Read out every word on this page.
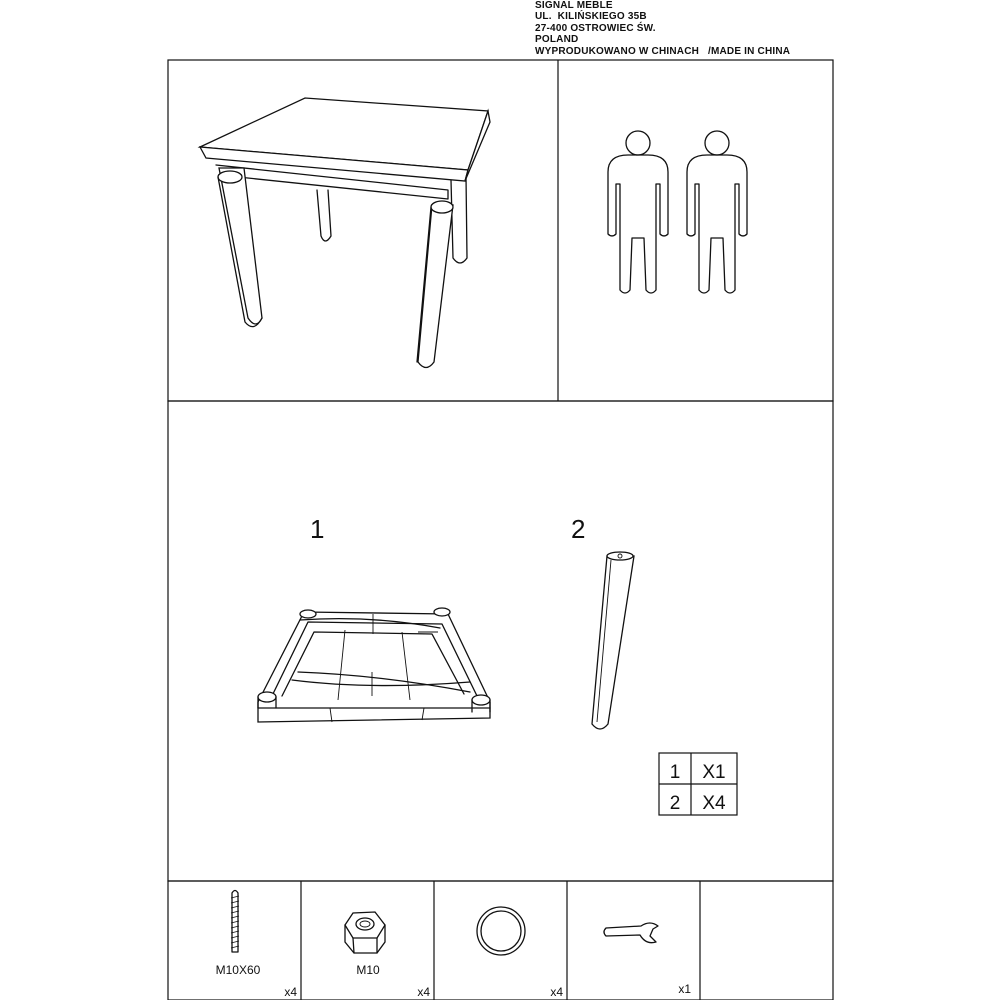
SIGNAL MEBLE
UL.  KILIŃSKIEGO 35B
27-400 OSTROWIEC ŚW.
POLAND
WYPRODUKOWANO W CHINACH   /MADE IN CHINA
1	2
1 X1
2 X4
M10X60
x4
M10
x4	x4	x1
